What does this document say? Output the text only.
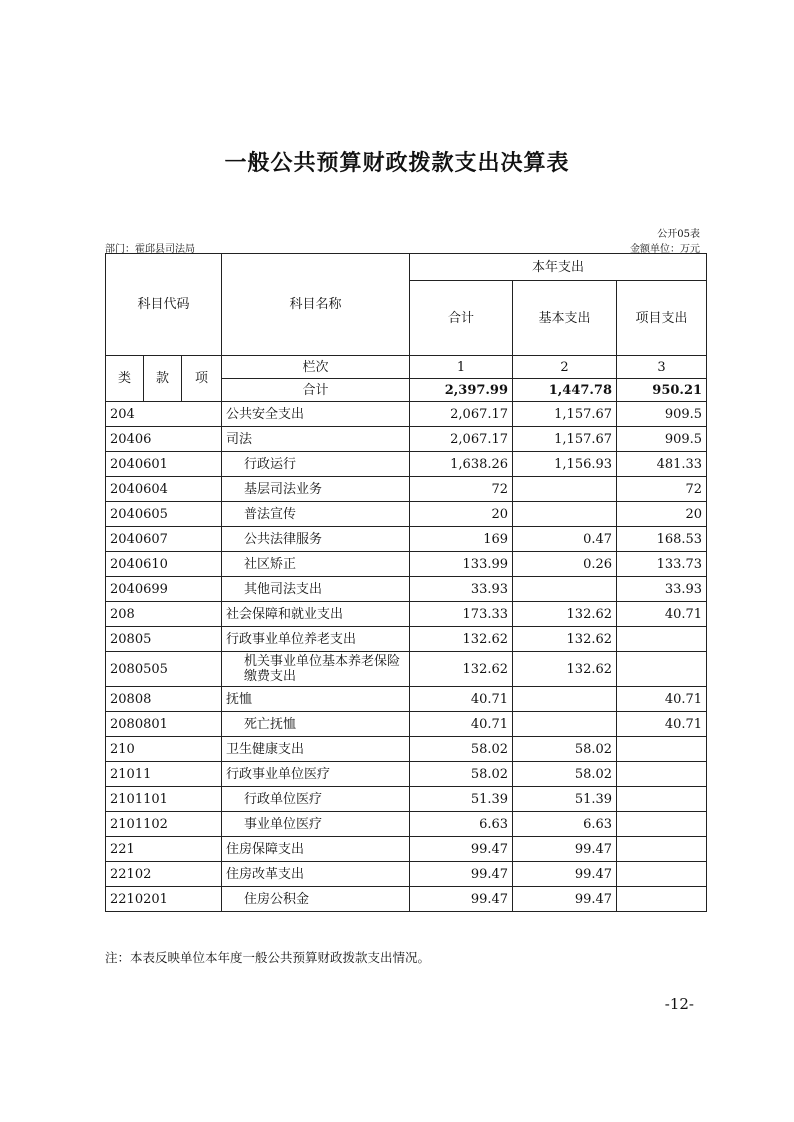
一般公共预算财政拨款支出决算表
公开05表
部门：霍邱县司法局	金额单位：万元
科目代码			科目名称	本年支出		
				合计	基本支出	项目支出
类	款	项	栏次	1	2	3
			合计	2,397.99	1,447.78	950.21
204			公共安全支出	2,067.17	1,157.67	909.5
20406			司法	2,067.17	1,157.67	909.5
2040601			行政运行	1,638.26	1,156.93	481.33
2040604			基层司法业务	72		72
2040605			普法宣传	20		20
2040607			公共法律服务	169	0.47	168.53
2040610			社区矫正	133.99	0.26	133.73
2040699			其他司法支出	33.93		33.93
208			社会保障和就业支出	173.33	132.62	40.71
20805			行政事业单位养老支出	132.62	132.62	
2080505			机关事业单位基本养老保险缴费支出	132.62	132.62	
20808			抚恤	40.71		40.71
2080801			死亡抚恤	40.71		40.71
210			卫生健康支出	58.02	58.02	
21011			行政事业单位医疗	58.02	58.02	
2101101			行政单位医疗	51.39	51.39	
2101102			事业单位医疗	6.63	6.63	
221			住房保障支出	99.47	99.47	
22102			住房改革支出	99.47	99.47	
2210201			住房公积金	99.47	99.47	
注：本表反映单位本年度一般公共预算财政拨款支出情况。
-12-
